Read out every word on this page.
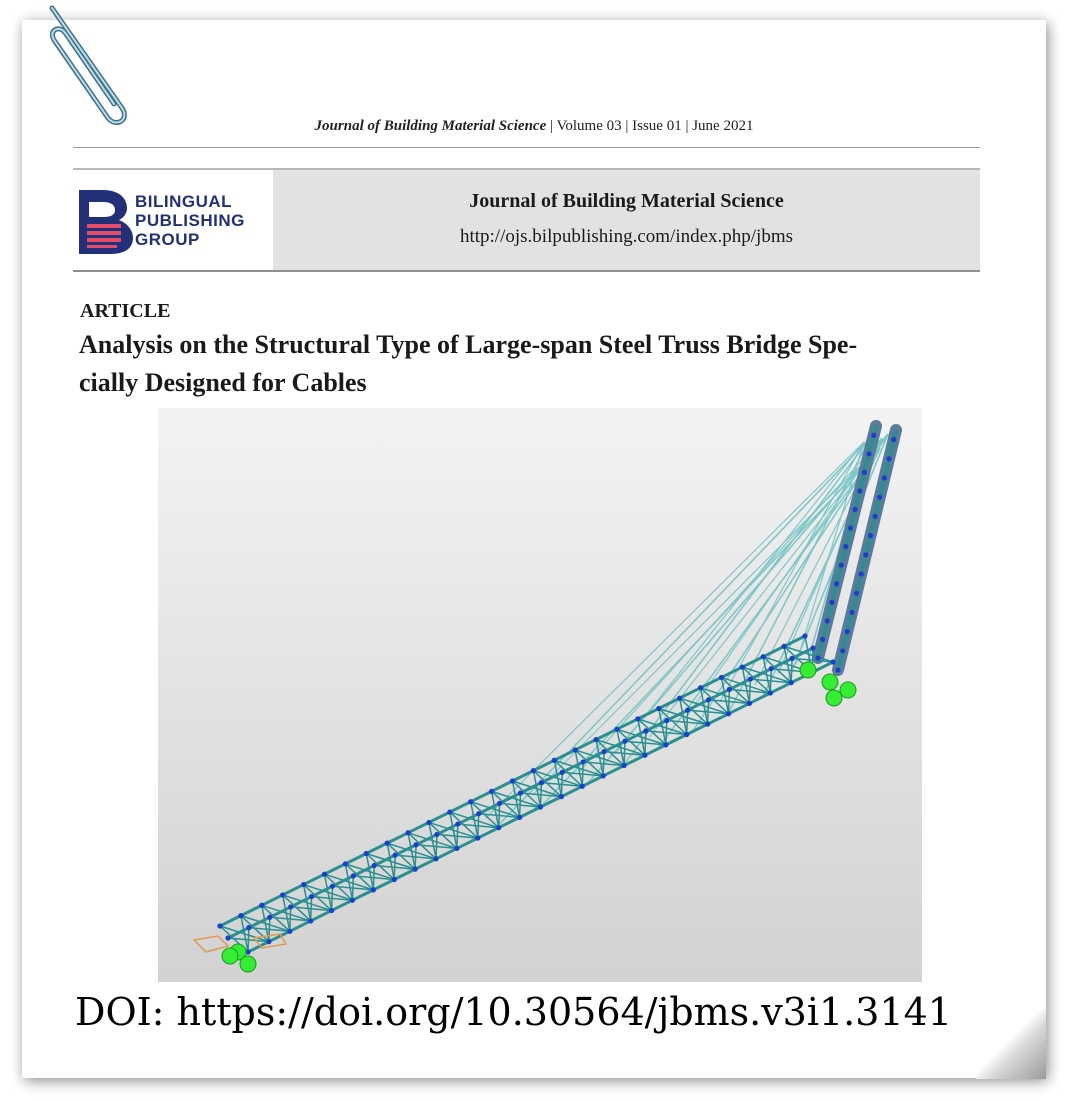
Journal of Building Material Science | Volume 03 | Issue 01 | June 2021
BILINGUAL
PUBLISHING
GROUP
Journal of Building Material Science
http://ojs.bilpublishing.com/index.php/jbms
ARTICLE
Analysis on the Structural Type of Large-span Steel Truss Bridge Spe-
cially Designed for Cables
DOI: https://doi.org/10.30564/jbms.v3i1.3141
